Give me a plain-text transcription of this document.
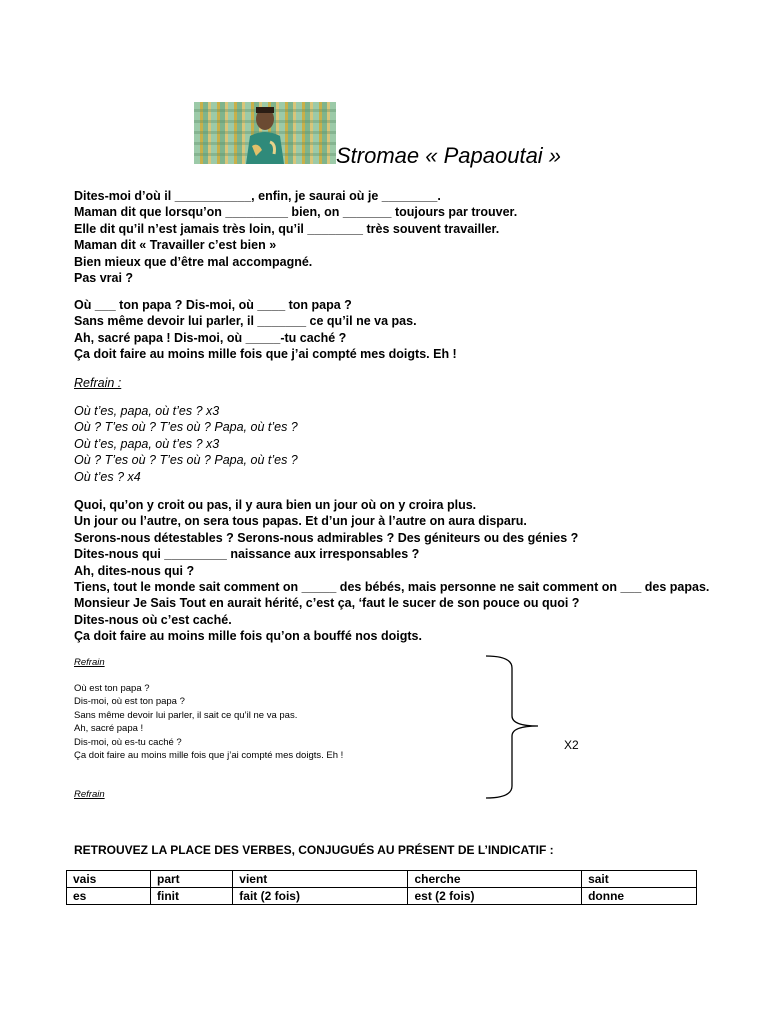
Stromae « Papaoutai »
Dites-moi d’où il ___________, enfin, je saurai où je ________.
Maman dit que lorsqu’on _________ bien, on _______ toujours par trouver.
Elle dit qu’il n’est jamais très loin, qu’il ________ très souvent travailler.
Maman dit « Travailler c’est bien »
Bien mieux que d’être mal accompagné.
Pas vrai ?
Où ___ ton papa ? Dis-moi, où ____ ton papa ?
Sans même devoir lui parler, il _______ ce qu’il ne va pas.
Ah, sacré papa ! Dis-moi, où _____-tu caché ?
Ça doit faire au moins mille fois que j’ai compté mes doigts. Eh !
Refrain :
Où t’es, papa, où t’es ? x3
Où ? T’es où ? T’es où ? Papa, où t’es ?
Où t’es, papa, où t’es ? x3
Où ? T’es où ? T’es où ? Papa, où t’es ?
Où t’es ? x4
Quoi, qu’on y croit ou pas, il y aura bien un jour où on y croira plus.
Un jour ou l’autre, on sera tous papas. Et d’un jour à l’autre on aura disparu.
Serons-nous détestables ? Serons-nous admirables ? Des géniteurs ou des génies ?
Dites-nous qui _________ naissance aux irresponsables ?
Ah, dites-nous qui ?
Tiens, tout le monde sait comment on _____ des bébés, mais personne ne sait comment on ___ des papas.
Monsieur Je Sais Tout en aurait hérité, c’est ça, ‘faut le sucer de son pouce ou quoi ?
Dites-nous où c’est caché.
Ça doit faire au moins mille fois qu’on a bouffé nos doigts.
Refrain
Où est ton papa ?
Dis-moi, où est ton papa ?
Sans même devoir lui parler, il sait ce qu’il ne va pas.
Ah, sacré papa !
Dis-moi, où es-tu caché ?
Ça doit faire au moins mille fois que j’ai compté mes doigts. Eh !
Refrain
X2
RETROUVEZ LA PLACE DES VERBES, CONJUGUÉS AU PRÉSENT DE L’INDICATIF :
vais	part	vient	cherche	sait
es	finit	fait (2 fois)	est (2 fois)	donne
